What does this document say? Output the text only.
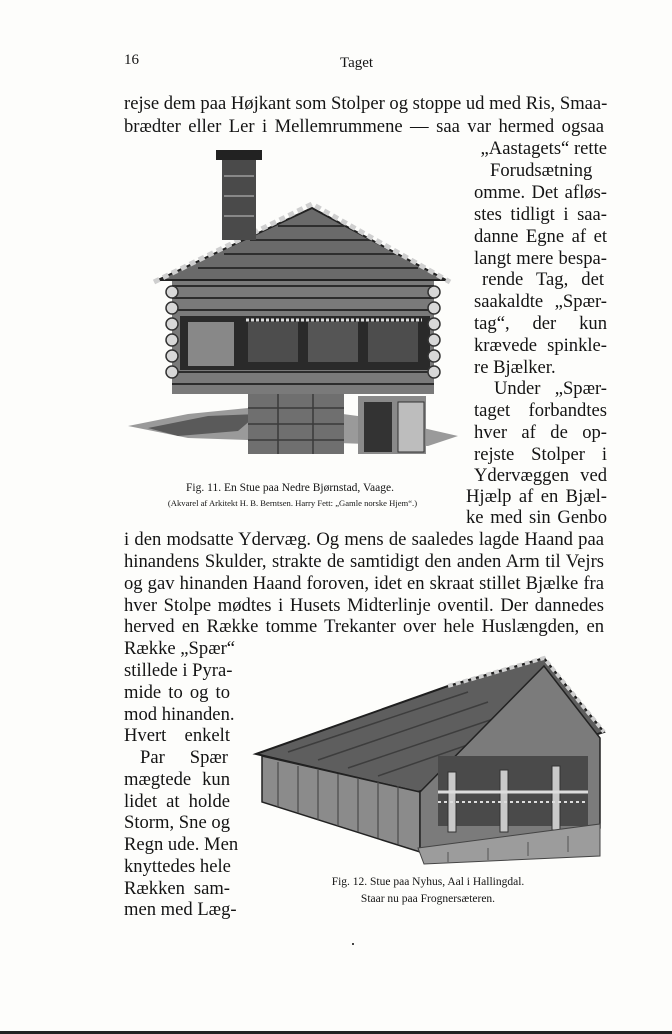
16	Taget
rejse dem paa Højkant som Stolper og stoppe ud med Ris, Smaa-
brædter eller Ler i Mellemrummene — saa var hermed ogsaa
„Aastagets“ rette
Forudsætning
omme. Det afløs-
stes tidligt i saa-
danne Egne af et
langt mere bespa-
rende Tag, det
saakaldte „Spær-
tag“, der kun
krævede spinkle-
re Bjælker.
Under „Spær-
taget forbandtes
hver af de op-
rejste Stolper i
Ydervæggen ved
Hjælp af en Bjæl-
ke med sin Genbo
Fig. 11. En Stue paa Nedre Bjørnstad, Vaage.
(Akvarel af Arkitekt H. B. Berntsen. Harry Fett: „Gamle norske Hjem“.)
i den modsatte Ydervæg. Og mens de saaledes lagde Haand paa
hinandens Skulder, strakte de samtidigt den anden Arm til Vejrs
og gav hinanden Haand foroven, idet en skraat stillet Bjælke fra
hver Stolpe mødtes i Husets Midterlinje oventil. Der dannedes
herved en Række tomme Trekanter over hele Huslængden, en
Række „Spær“
stillede i Pyra-
mide to og to
mod hinanden.
Hvert enkelt
Par Spær
mægtede kun
lidet at holde
Storm, Sne og
Regn ude. Men
knyttedes hele
Rækken sam-
men med Læg-
Fig. 12. Stue paa Nyhus, Aal i Hallingdal.
Staar nu paa Frognersæteren.
